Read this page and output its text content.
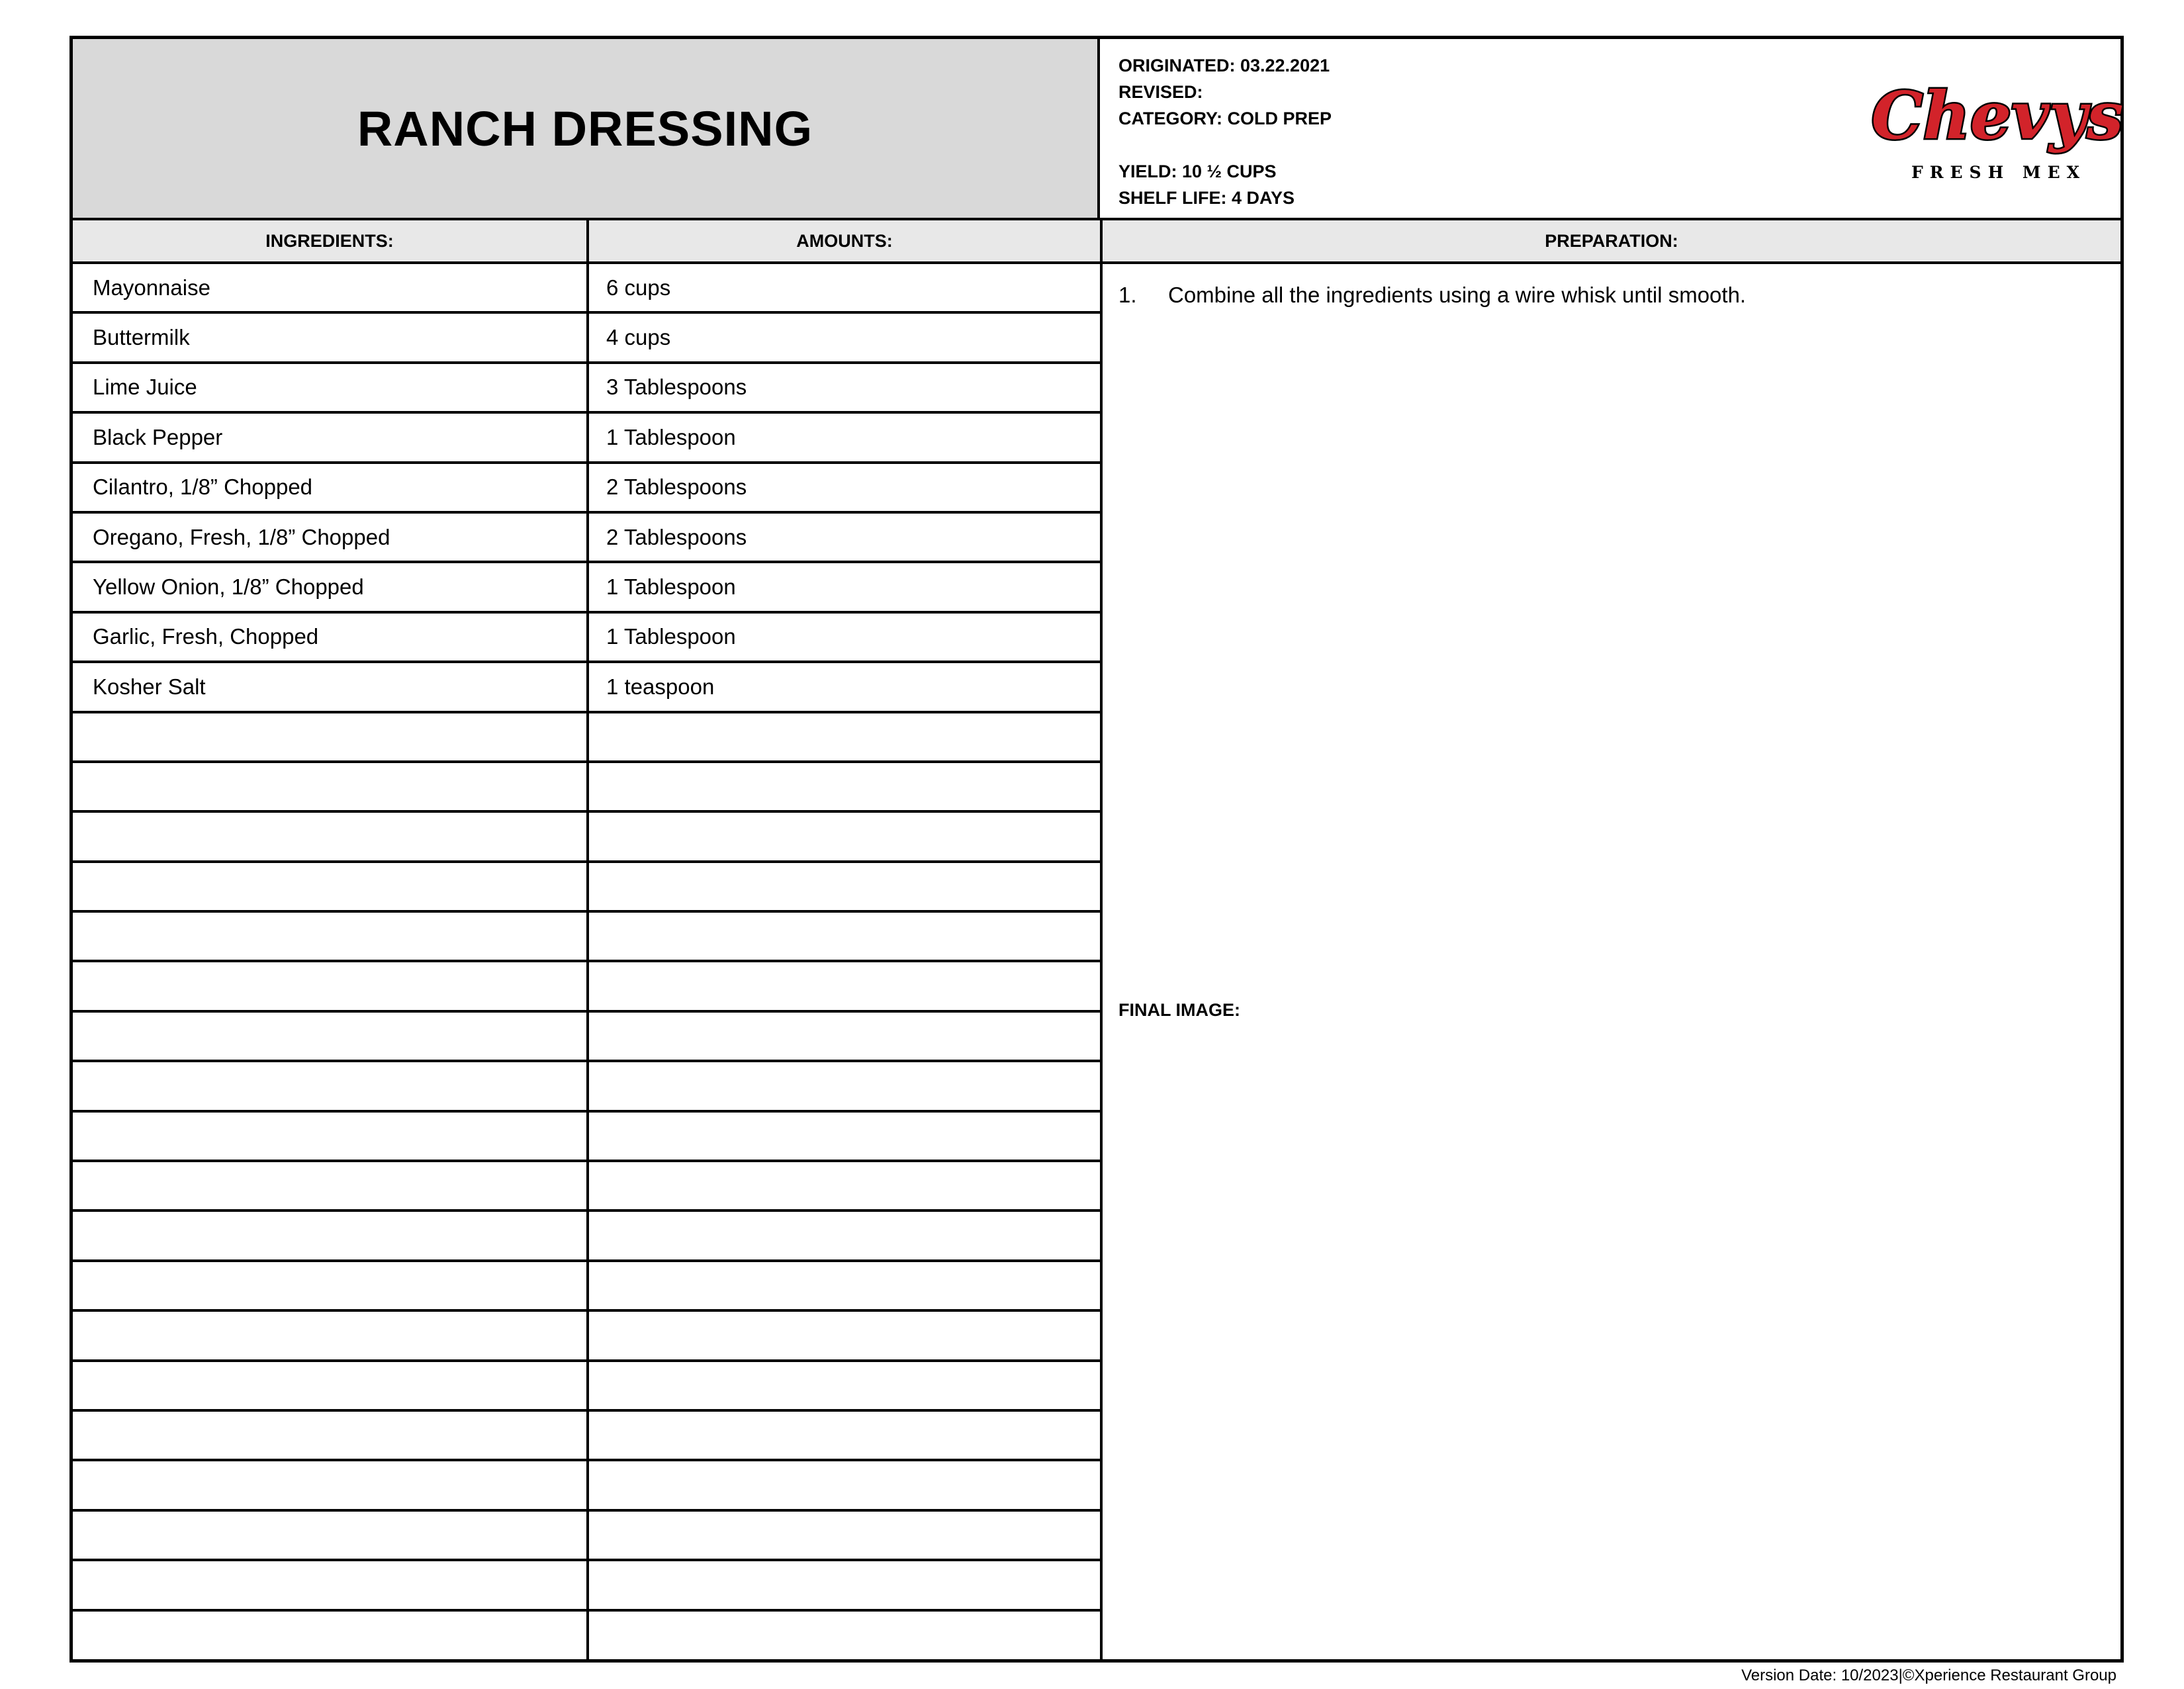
RANCH DRESSING
ORIGINATED: 03.22.2021
REVISED:
CATEGORY: COLD PREP
YIELD: 10 ½ CUPS
SHELF LIFE: 4 DAYS
Chevys
FRESH MEX
INGREDIENTS:	AMOUNTS:	PREPARATION:
Mayonnaise	6 cups
Buttermilk	4 cups
Lime Juice	3 Tablespoons
Black Pepper	1 Tablespoon
Cilantro, 1/8” Chopped	2 Tablespoons
Oregano, Fresh, 1/8” Chopped	2 Tablespoons
Yellow Onion, 1/8” Chopped	1 Tablespoon
Garlic, Fresh, Chopped	1 Tablespoon
Kosher Salt	1 teaspoon
1.	Combine all the ingredients using a wire whisk until smooth.
FINAL IMAGE:
Version Date: 10/2023|©Xperience Restaurant Group
